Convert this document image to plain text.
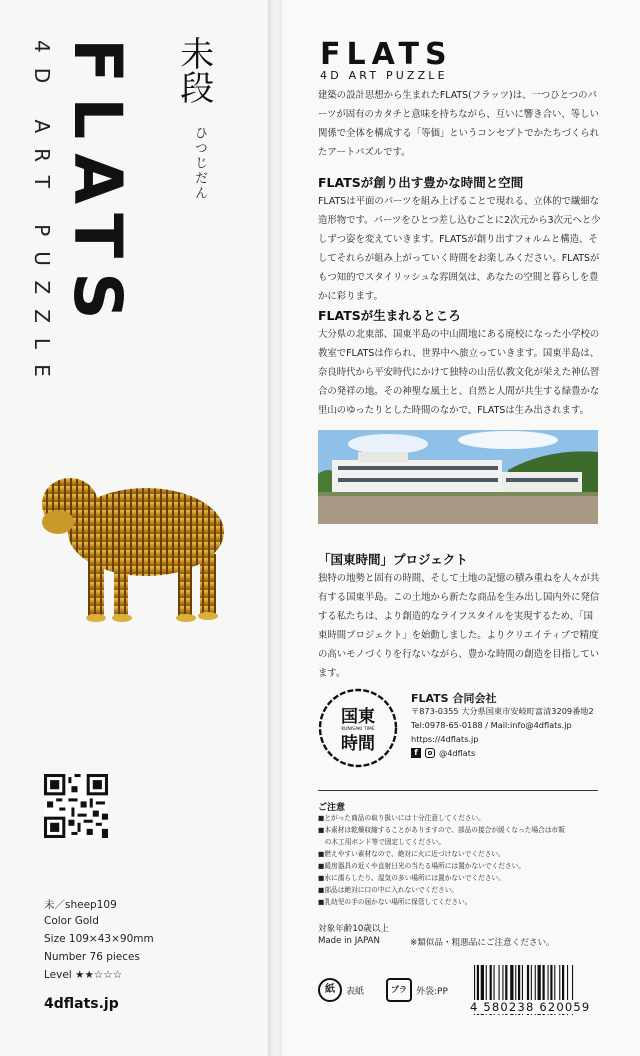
FLATS
4D ART PUZZLE	未段
ひつじだん
未／sheep109
Color Gold
Size 109×43×90mm
Number 76 pieces
Level ★★☆☆☆
4dflats.jp
FLATS
4D ART PUZZLE
建築の設計思想から生まれたFLATS(フラッツ)は、一つひとつのパーツが固有のカタチと意味を持ちながら、互いに響き合い、等しい関係で全体を構成する「等価」というコンセプトでかたちづくられたアートパズルです。
FLATSが創り出す豊かな時間と空間
FLATSは平面のパーツを組み上げることで現れる、立体的で繊細な造形物です。パーツをひとつ差し込むごとに2次元から3次元へと少しずつ姿を変えていきます。FLATSが創り出すフォルムと構造、そしてそれらが組み上がっていく時間をお楽しみください。FLATSがもつ知的でスタイリッシュな雰囲気は、あなたの空間と暮らしを豊かに彩ります。
FLATSが生まれるところ
大分県の北東部、国東半島の中山間地にある廃校になった小学校の教室でFLATSは作られ、世界中へ旅立っていきます。国東半島は、奈良時代から平安時代にかけて独特の山岳仏教文化が栄えた神仏習合の発祥の地。その神聖な風土と、自然と人間が共生する緑豊かな里山のゆったりとした時間のなかで、FLATSは生み出されます。
「国東時間」プロジェクト
独特の地勢と固有の時間、そして土地の記憶の積み重ねを人々が共有する国東半島。この土地から新たな商品を生み出し国内外に発信する私たちは、より創造的なライフスタイルを実現するため、「国東時間プロジェクト」を始動しました。よりクリエイティブで精度の高いモノづくりを行ないながら、豊かな時間の創造を目指しています。
国東
KUNISAKI TIME
時間
FLATS 合同会社
〒873-0355 大分県国東市安岐町富清3209番地2
Tel:0978-65-0188 / Mail:info@4dflats.jp
https://4dflats.jp
f	@4dflats
ご注意
■とがった商品の取り扱いには十分注意してください。
■本素材は乾燥収縮することがありますので、部品の接合が緩くなった場合は市販
　の木工用ボンド等で固定してください。
■燃えやすい素材なので、絶対に火に近づけないでください。
■暖房器具の近くや直射日光の当たる場所には置かないでください。
■水に濡らしたり、湿気の多い場所には置かないでください。
■部品は絶対に口の中に入れないでください。
■乳幼児の手の届かない場所に保管してください。
対象年齢10歳以上
Made in JAPAN	※類似品・粗悪品にご注意ください。
紙	表紙	プラ	外袋:PP
4 580238 620059
